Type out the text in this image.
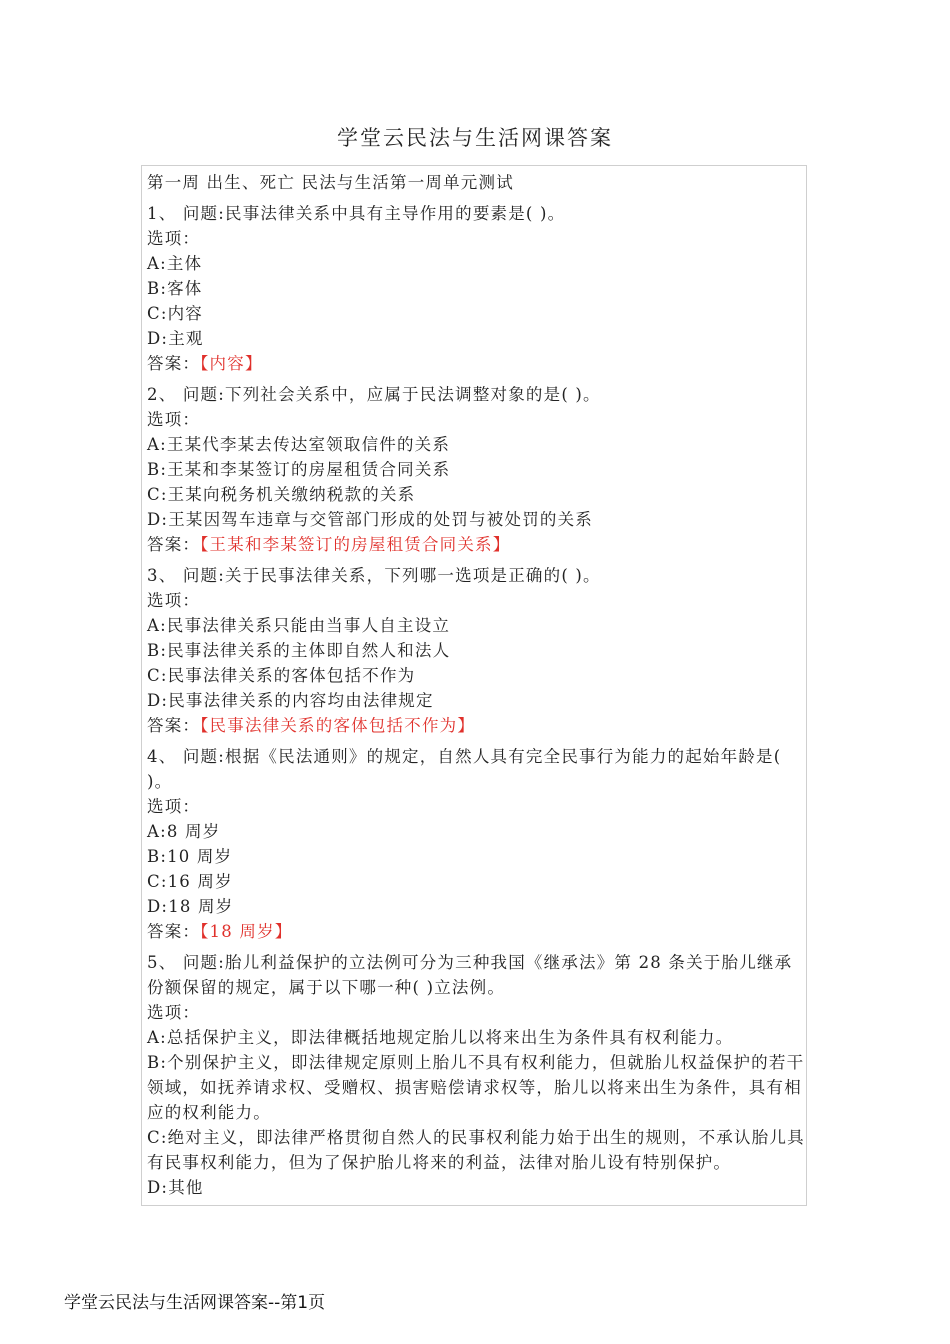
学堂云民法与生活网课答案
第一周 出生、死亡 民法与生活第一周单元测试
1、 问题:民事法律关系中具有主导作用的要素是( )。
选项：
A:主体
B:客体
C:内容
D:主观
答案：【内容】
2、 问题:下列社会关系中，应属于民法调整对象的是( )。
选项：
A:王某代李某去传达室领取信件的关系
B:王某和李某签订的房屋租赁合同关系
C:王某向税务机关缴纳税款的关系
D:王某因驾车违章与交管部门形成的处罚与被处罚的关系
答案：【王某和李某签订的房屋租赁合同关系】
3、 问题:关于民事法律关系，下列哪一选项是正确的( )。
选项：
A:民事法律关系只能由当事人自主设立
B:民事法律关系的主体即自然人和法人
C:民事法律关系的客体包括不作为
D:民事法律关系的内容均由法律规定
答案：【民事法律关系的客体包括不作为】
4、 问题:根据《民法通则》的规定，自然人具有完全民事行为能力的起始年龄是( )。
选项：
A:8 周岁
B:10 周岁
C:16 周岁
D:18 周岁
答案：【18 周岁】
5、 问题:胎儿利益保护的立法例可分为三种我国《继承法》第 28 条关于胎儿继承份额保留的规定，属于以下哪一种( )立法例。
选项：
A:总括保护主义，即法律概括地规定胎儿以将来出生为条件具有权利能力。
B:个别保护主义，即法律规定原则上胎儿不具有权利能力，但就胎儿权益保护的若干领域，如抚养请求权、受赠权、损害赔偿请求权等，胎儿以将来出生为条件，具有相应的权利能力。
C:绝对主义，即法律严格贯彻自然人的民事权利能力始于出生的规则，不承认胎儿具有民事权利能力，但为了保护胎儿将来的利益，法律对胎儿设有特别保护。
D:其他
学堂云民法与生活网课答案--第1页
